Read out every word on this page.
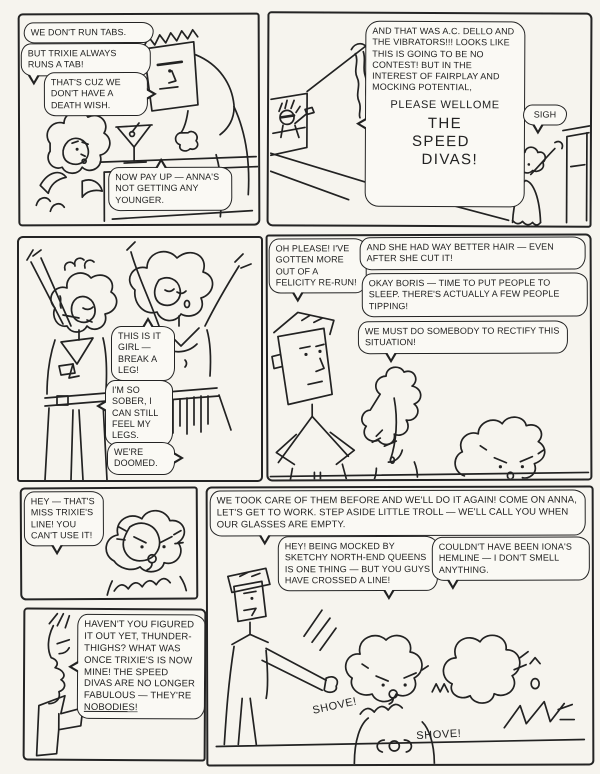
WE DON'T RUN TABS.
BUT TRIXIE ALWAYS RUNS A TAB!
THAT'S CUZ WE DON'T HAVE A DEATH WISH.
NOW PAY UP — ANNA'S NOT GETTING ANY YOUNGER.
AND THAT WAS A.C. DELLO AND THE VIBRATORS!!! LOOKS LIKE THIS IS GOING TO BE NO CONTEST! BUT IN THE INTEREST OF FAIRPLAY AND MOCKING POTENTIAL,
PLEASE WELLOME
THE
SPEED
DIVAS!
SIGH
THIS IS IT GIRL — BREAK A LEG!
I'M SO SOBER, I CAN STILL FEEL MY LEGS.
WE'RE DOOMED.
OH PLEASE! I'VE GOTTEN MORE OUT OF A FELICITY RE-RUN!
AND SHE HAD WAY BETTER HAIR — EVEN AFTER SHE CUT IT!
OKAY BORIS — TIME TO PUT PEOPLE TO SLEEP. THERE'S ACTUALLY A FEW PEOPLE TIPPING!
WE MUST DO SOMEBODY TO RECTIFY THIS SITUATION!
HEY — THAT'S MISS TRIXIE'S LINE! YOU CAN'T USE IT!
HAVEN'T YOU FIGURED IT OUT YET, THUNDER-THIGHS? WHAT WAS ONCE TRIXIE'S IS NOW MINE! THE SPEED DIVAS ARE NO LONGER FABULOUS — THEY'RE NOBODIES!
WE TOOK CARE OF THEM BEFORE AND WE'LL DO IT AGAIN! COME ON ANNA, LET'S GET TO WORK. STEP ASIDE LITTLE TROLL — WE'LL CALL YOU WHEN OUR GLASSES ARE EMPTY.
HEY! BEING MOCKED BY SKETCHY NORTH-END QUEENS IS ONE THING — BUT YOU GUYS HAVE CROSSED A LINE!
COULDN'T HAVE BEEN IONA'S HEMLINE — I DON'T SMELL ANYTHING.
SHOVE!
SHOVE!
